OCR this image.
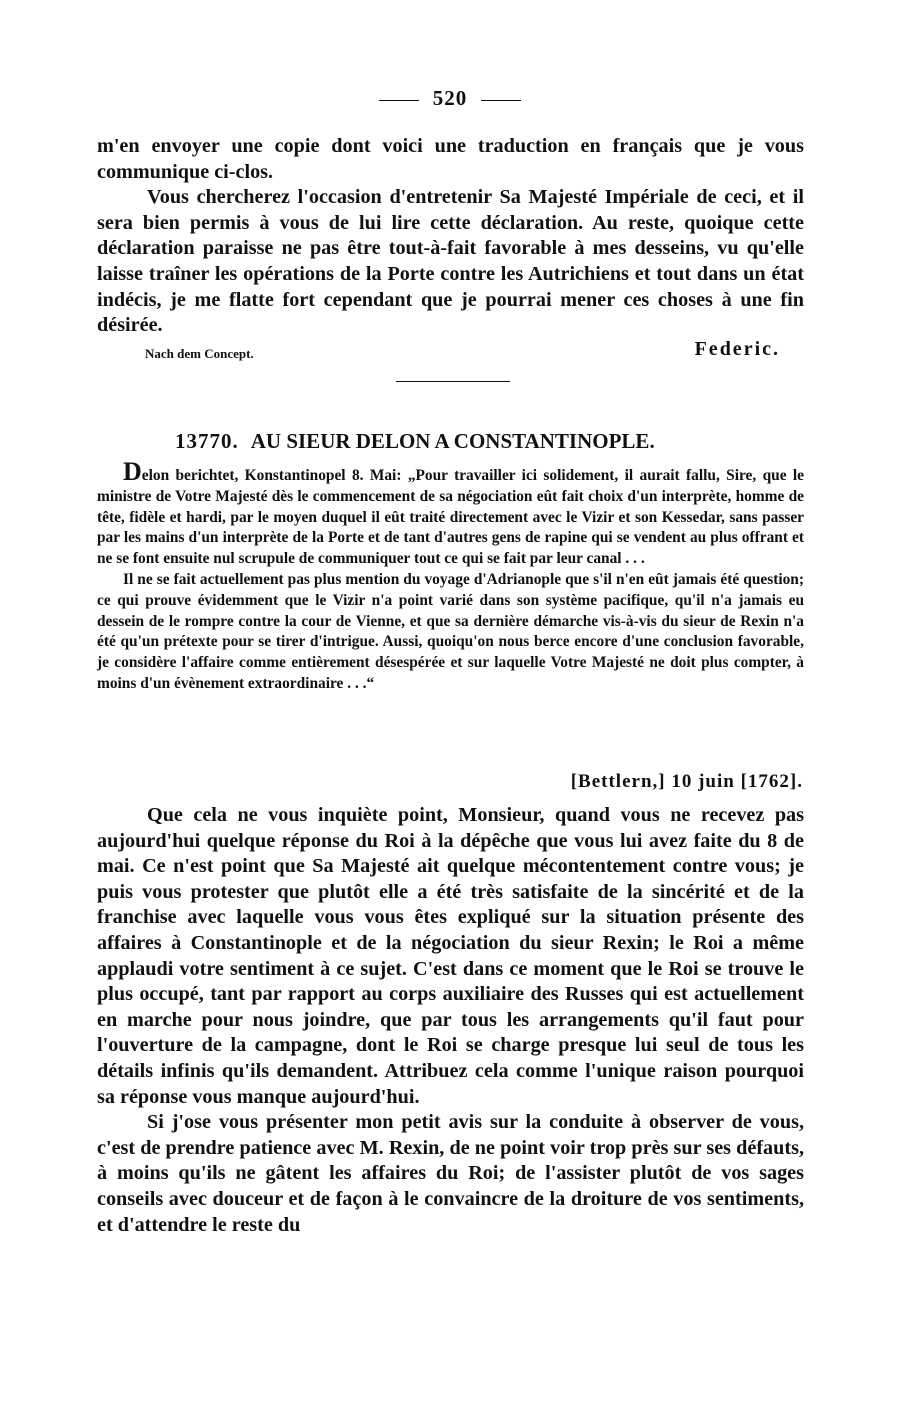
520

m'en envoyer une copie dont voici une traduction en français que je vous communique ci-clos.

Vous chercherez l'occasion d'entretenir Sa Majesté Impériale de ceci, et il sera bien permis à vous de lui lire cette déclaration. Au reste, quoique cette déclaration paraisse ne pas être tout-à-fait favorable à mes desseins, vu qu'elle laisse traîner les opérations de la Porte contre les Autrichiens et tout dans un état indécis, je me flatte fort cependant que je pourrai mener ces choses à une fin désirée.

Nach dem Concept.	Federic.
13770. AU SIEUR DELON A CONSTANTINOPLE.

Delon berichtet, Konstantinopel 8. Mai: „Pour travailler ici solidement, il aurait fallu, Sire, que le ministre de Votre Majesté dès le commencement de sa négociation eût fait choix d'un interprète, homme de tête, fidèle et hardi, par le moyen duquel il eût traité directement avec le Vizir et son Kessedar, sans passer par les mains d'un interprète de la Porte et de tant d'autres gens de rapine qui se vendent au plus offrant et ne se font ensuite nul scrupule de communiquer tout ce qui se fait par leur canal . . .

Il ne se fait actuellement pas plus mention du voyage d'Adrianople que s'il n'en eût jamais été question; ce qui prouve évidemment que le Vizir n'a point varié dans son système pacifique, qu'il n'a jamais eu dessein de le rompre contre la cour de Vienne, et que sa dernière démarche vis-à-vis du sieur de Rexin n'a été qu'un prétexte pour se tirer d'intrigue. Aussi, quoiqu'on nous berce encore d'une conclusion favorable, je considère l'affaire comme entièrement désespérée et sur laquelle Votre Majesté ne doit plus compter, à moins d'un évènement extraordinaire . . .“

[Bettlern,] 10 juin [1762].

Que cela ne vous inquiète point, Monsieur, quand vous ne recevez pas aujourd'hui quelque réponse du Roi à la dépêche que vous lui avez faite du 8 de mai. Ce n'est point que Sa Majesté ait quelque mécontentement contre vous; je puis vous protester que plutôt elle a été très satisfaite de la sincérité et de la franchise avec laquelle vous vous êtes expliqué sur la situation présente des affaires à Constantinople et de la négociation du sieur Rexin; le Roi a même applaudi votre sentiment à ce sujet. C'est dans ce moment que le Roi se trouve le plus occupé, tant par rapport au corps auxiliaire des Russes qui est actuellement en marche pour nous joindre, que par tous les arrangements qu'il faut pour l'ouverture de la campagne, dont le Roi se charge presque lui seul de tous les détails infinis qu'ils demandent. Attribuez cela comme l'unique raison pourquoi sa réponse vous manque aujourd'hui.

Si j'ose vous présenter mon petit avis sur la conduite à observer de vous, c'est de prendre patience avec M. Rexin, de ne point voir trop près sur ses défauts, à moins qu'ils ne gâtent les affaires du Roi; de l'assister plutôt de vos sages conseils avec douceur et de façon à le convaincre de la droiture de vos sentiments, et d'attendre le reste du
